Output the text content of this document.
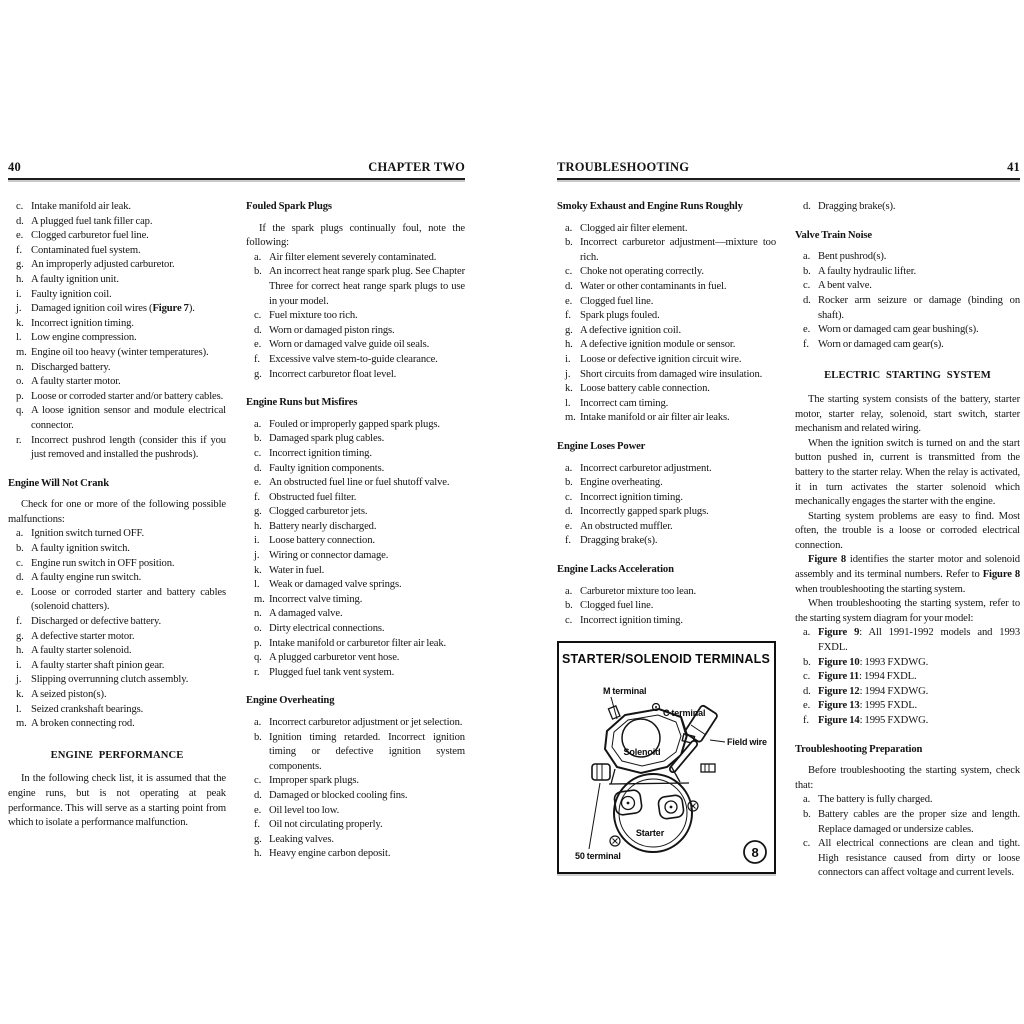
40	CHAPTER TWO
c. Intake manifold air leak.
d. A plugged fuel tank filler cap.
e. Clogged carburetor fuel line.
f. Contaminated fuel system.
g. An improperly adjusted carburetor.
h. A faulty ignition unit.
i. Faulty ignition coil.
j. Damaged ignition coil wires (Figure 7).
k. Incorrect ignition timing.
l. Low engine compression.
m. Engine oil too heavy (winter temperatures).
n. Discharged battery.
o. A faulty starter motor.
p. Loose or corroded starter and/or battery cables.
q. A loose ignition sensor and module electrical connector.
r. Incorrect pushrod length (consider this if you just removed and installed the pushrods).
Engine Will Not Crank

Check for one or more of the following possible malfunctions:

a. Ignition switch turned OFF.
b. A faulty ignition switch.
c. Engine run switch in OFF position.
d. A faulty engine run switch.
e. Loose or corroded starter and battery cables (solenoid chatters).
f. Discharged or defective battery.
g. A defective starter motor.
h. A faulty starter solenoid.
i. A faulty starter shaft pinion gear.
j. Slipping overrunning clutch assembly.
k. A seized piston(s).
l. Seized crankshaft bearings.
m. A broken connecting rod.
ENGINE PERFORMANCE

In the following check list, it is assumed that the engine runs, but is not operating at peak performance. This will serve as a starting point from which to isolate a performance malfunction.

Fouled Spark Plugs

If the spark plugs continually foul, note the following:

a. Air filter element severely contaminated.
b. An incorrect heat range spark plug. See Chapter Three for correct heat range spark plugs to use in your model.
c. Fuel mixture too rich.
d. Worn or damaged piston rings.
e. Worn or damaged valve guide oil seals.
f. Excessive valve stem-to-guide clearance.
g. Incorrect carburetor float level.
Engine Runs but Misfires
a. Fouled or improperly gapped spark plugs.
b. Damaged spark plug cables.
c. Incorrect ignition timing.
d. Faulty ignition components.
e. An obstructed fuel line or fuel shutoff valve.
f. Obstructed fuel filter.
g. Clogged carburetor jets.
h. Battery nearly discharged.
i. Loose battery connection.
j. Wiring or connector damage.
k. Water in fuel.
l. Weak or damaged valve springs.
m. Incorrect valve timing.
n. A damaged valve.
o. Dirty electrical connections.
p. Intake manifold or carburetor filter air leak.
q. A plugged carburetor vent hose.
r. Plugged fuel tank vent system.
Engine Overheating
a. Incorrect carburetor adjustment or jet selection.
b. Ignition timing retarded. Incorrect ignition timing or defective ignition system components.
c. Improper spark plugs.
d. Damaged or blocked cooling fins.
e. Oil level too low.
f. Oil not circulating properly.
g. Leaking valves.
h. Heavy engine carbon deposit.
TROUBLESHOOTING	41
Smoky Exhaust and Engine Runs Roughly
a. Clogged air filter element.
b. Incorrect carburetor adjustment—mixture too rich.
c. Choke not operating correctly.
d. Water or other contaminants in fuel.
e. Clogged fuel line.
f. Spark plugs fouled.
g. A defective ignition coil.
h. A defective ignition module or sensor.
i. Loose or defective ignition circuit wire.
j. Short circuits from damaged wire insulation.
k. Loose battery cable connection.
l. Incorrect cam timing.
m. Intake manifold or air filter air leaks.
Engine Loses Power
a. Incorrect carburetor adjustment.
b. Engine overheating.
c. Incorrect ignition timing.
d. Incorrectly gapped spark plugs.
e. An obstructed muffler.
f. Dragging brake(s).
Engine Lacks Acceleration
a. Carburetor mixture too lean.
b. Clogged fuel line.
c. Incorrect ignition timing.
STARTER/SOLENOID TERMINALS
Solenoid
Starter
M terminal
C terminal
Field wire
50 terminal	8
d. Dragging brake(s).
Valve Train Noise
a. Bent pushrod(s).
b. A faulty hydraulic lifter.
c. A bent valve.
d. Rocker arm seizure or damage (binding on shaft).
e. Worn or damaged cam gear bushing(s).
f. Worn or damaged cam gear(s).
ELECTRIC STARTING SYSTEM

The starting system consists of the battery, starter motor, starter relay, solenoid, start switch, starter mechanism and related wiring.

When the ignition switch is turned on and the start button pushed in, current is transmitted from the battery to the starter relay. When the relay is activated, it in turn activates the starter solenoid which mechanically engages the starter with the engine.

Starting system problems are easy to find. Most often, the trouble is a loose or corroded electrical connection.

Figure 8 identifies the starter motor and solenoid assembly and its terminal numbers. Refer to Figure 8 when troubleshooting the starting system.

When troubleshooting the starting system, refer to the starting system diagram for your model:

a. Figure 9: All 1991-1992 models and 1993 FXDL.
b. Figure 10: 1993 FXDWG.
c. Figure 11: 1994 FXDL.
d. Figure 12: 1994 FXDWG.
e. Figure 13: 1995 FXDL.
f. Figure 14: 1995 FXDWG.
Troubleshooting Preparation

Before troubleshooting the starting system, check that:

a. The battery is fully charged.
b. Battery cables are the proper size and length. Replace damaged or undersize cables.
c. All electrical connections are clean and tight. High resistance caused from dirty or loose connectors can affect voltage and current levels.
